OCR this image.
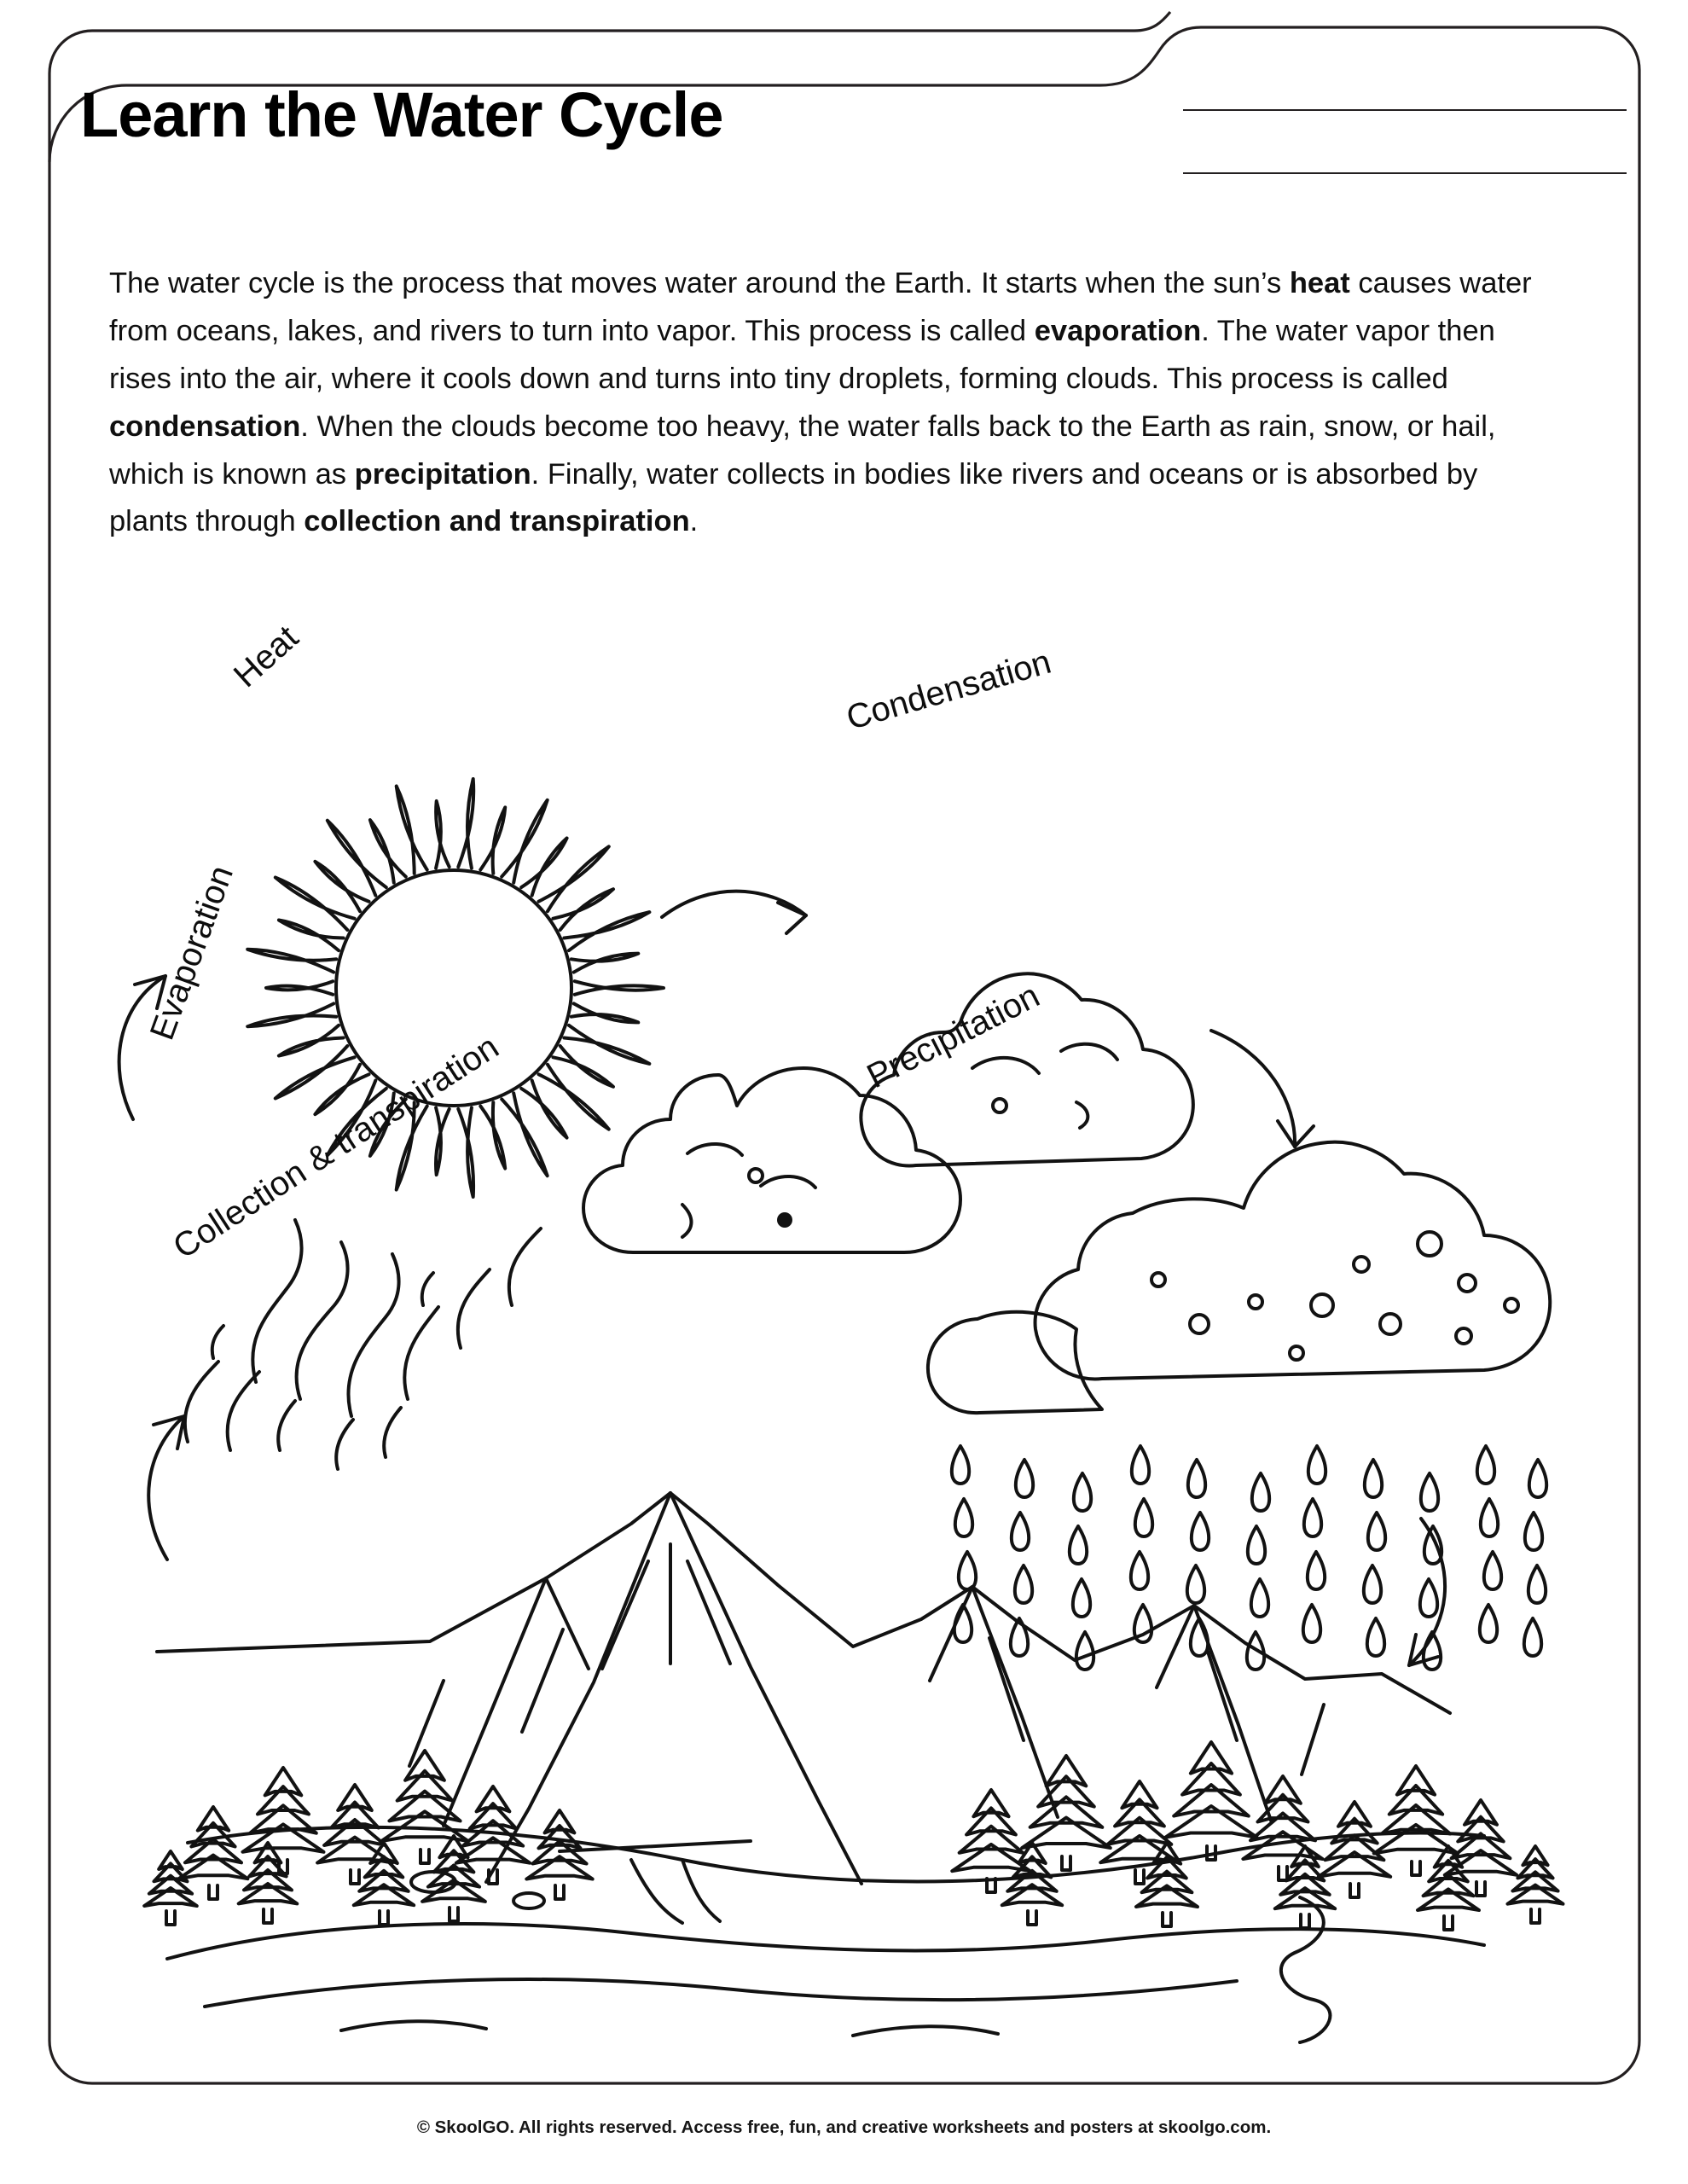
Learn the Water Cycle
The water cycle is the process that moves water around the Earth. It starts when the sun’s heat causes water from oceans, lakes, and rivers to turn into vapor. This process is called evaporation. The water vapor then rises into the air, where it cools down and turns into tiny droplets, forming clouds. This process is called condensation. When the clouds become too heavy, the water falls back to the Earth as rain, snow, or hail, which is known as precipitation. Finally, water collects in bodies like rivers and oceans or is absorbed by plants through collection and transpiration.
Heat	Condensation
Evaporation	Precipitation
Collection & transpiration
© SkoolGO. All rights reserved. Access free, fun, and creative worksheets and posters at skoolgo.com.
